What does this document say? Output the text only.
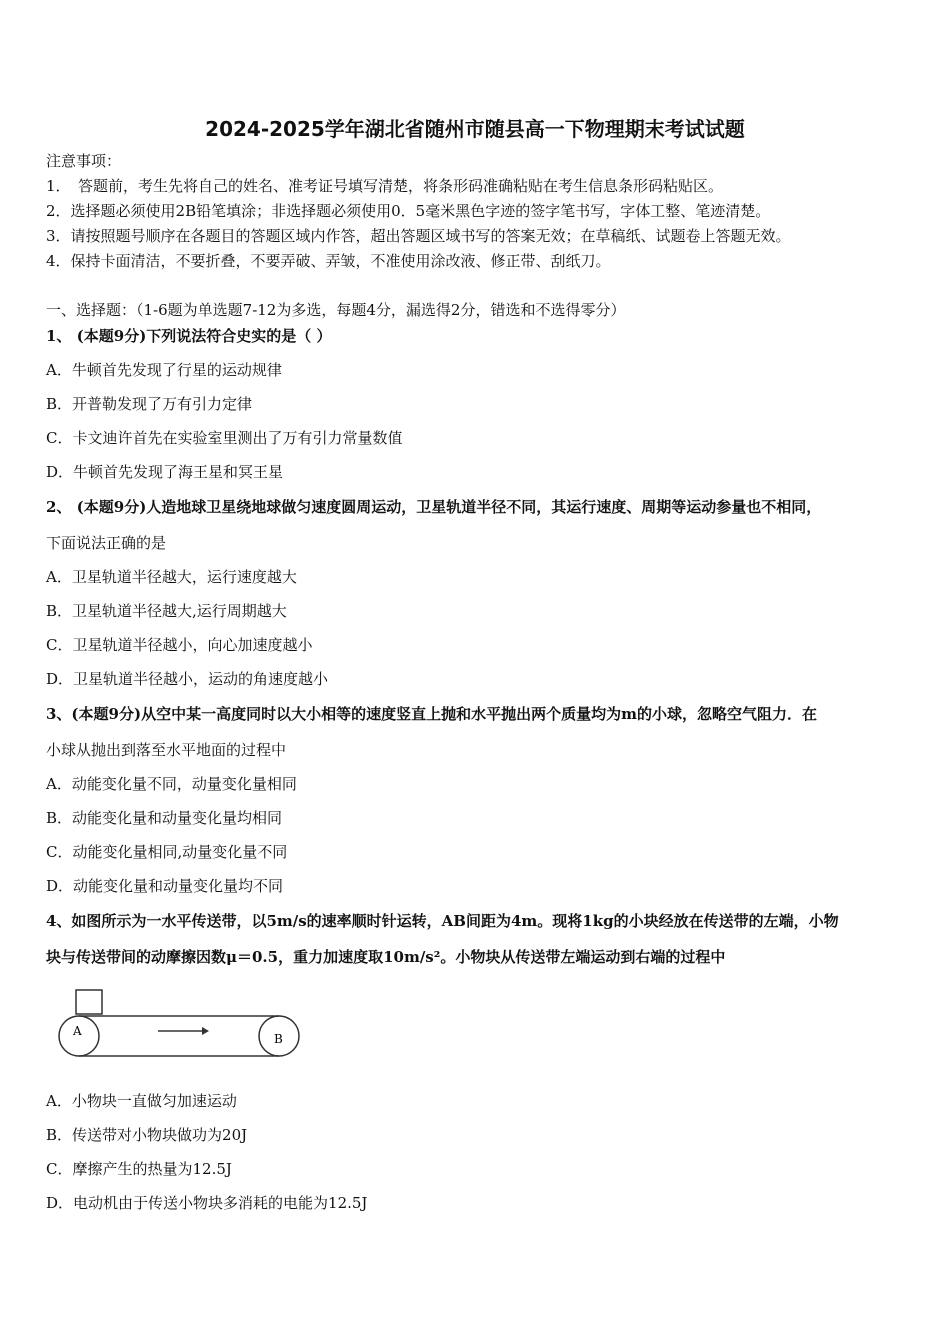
2024-2025学年湖北省随州市随县高一下物理期末考试试题
注意事项：
1．　答题前，考生先将自己的姓名、准考证号填写清楚，将条形码准确粘贴在考生信息条形码粘贴区。
2．选择题必须使用2B铅笔填涂；非选择题必须使用0．5毫米黑色字迹的签字笔书写，字体工整、笔迹清楚。
3．请按照题号顺序在各题目的答题区域内作答，超出答题区域书写的答案无效；在草稿纸、试题卷上答题无效。
4．保持卡面清洁，不要折叠，不要弄破、弄皱，不准使用涂改液、修正带、刮纸刀。
一、选择题：（1-6题为单选题7-12为多选，每题4分，漏选得2分，错选和不选得零分）
1、 (本题9分)下列说法符合史实的是（ ）
A．牛顿首先发现了行星的运动规律
B．开普勒发现了万有引力定律
C．卡文迪许首先在实验室里测出了万有引力常量数值
D．牛顿首先发现了海王星和冥王星
2、 (本题9分)人造地球卫星绕地球做匀速度圆周运动，卫星轨道半径不同，其运行速度、周期等运动参量也不相同，
下面说法正确的是
A．卫星轨道半径越大，运行速度越大
B．卫星轨道半径越大,运行周期越大
C．卫星轨道半径越小，向心加速度越小
D．卫星轨道半径越小，运动的角速度越小
3、(本题9分)从空中某一高度同时以大小相等的速度竖直上抛和水平抛出两个质量均为m的小球，忽略空气阻力．在
小球从抛出到落至水平地面的过程中
A．动能变化量不同，动量变化量相同
B．动能变化量和动量变化量均相同
C．动能变化量相同,动量变化量不同
D．动能变化量和动量变化量均不同
4、如图所示为一水平传送带，以5m/s的速率顺时针运转，AB间距为4m。现将1kg的小块经放在传送带的左端，小物
块与传送带间的动摩擦因数μ＝0.5，重力加速度取10m/s²。小物块从传送带左端运动到右端的过程中
A
B
A．小物块一直做匀加速运动
B．传送带对小物块做功为20J
C．摩擦产生的热量为12.5J
D．电动机由于传送小物块多消耗的电能为12.5J
